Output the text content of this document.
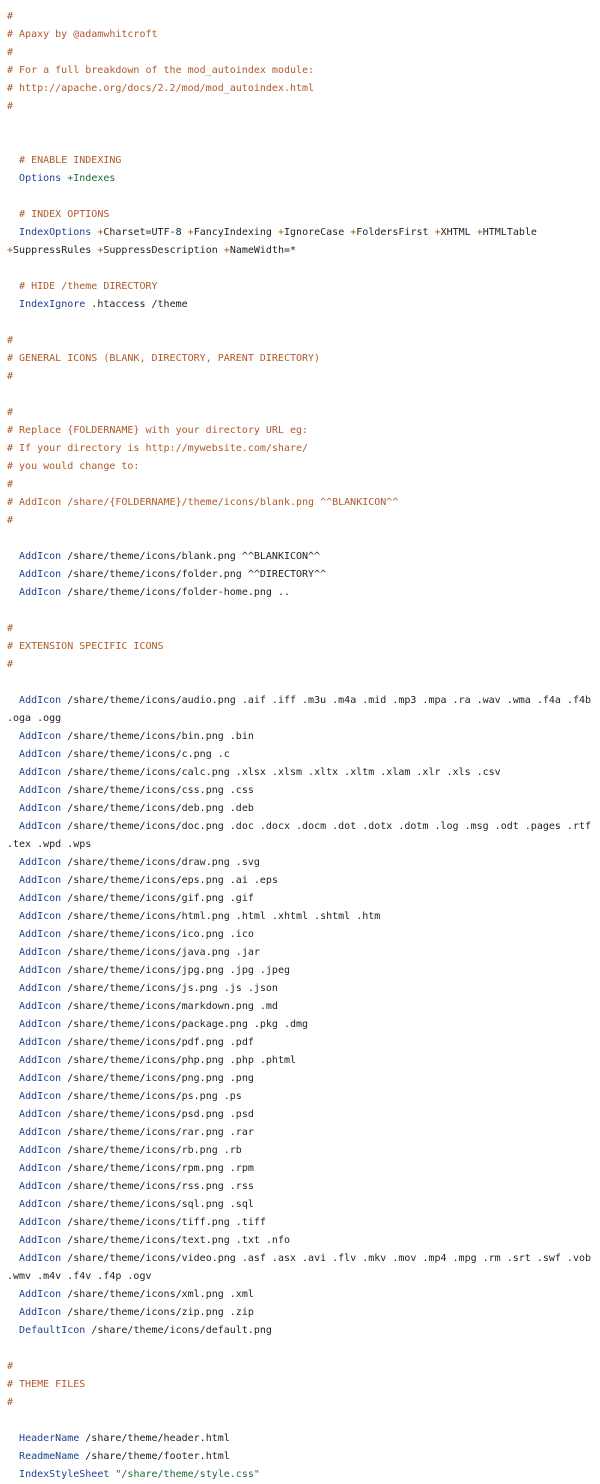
#
# Apaxy by @adamwhitcroft
#
# For a full breakdown of the mod_autoindex module:
# http://apache.org/docs/2.2/mod/mod_autoindex.html
#
# ENABLE INDEXING
Options +Indexes
# INDEX OPTIONS
IndexOptions +Charset=UTF-8 +FancyIndexing +IgnoreCase +FoldersFirst +XHTML +HTMLTable
+SuppressRules +SuppressDescription +NameWidth=*
# HIDE /theme DIRECTORY
IndexIgnore .htaccess /theme
#
# GENERAL ICONS (BLANK, DIRECTORY, PARENT DIRECTORY)
#
#
# Replace {FOLDERNAME} with your directory URL eg:
# If your directory is http://mywebsite.com/share/
# you would change to:
#
# AddIcon /share/{FOLDERNAME}/theme/icons/blank.png ^^BLANKICON^^
#
AddIcon /share/theme/icons/blank.png ^^BLANKICON^^
AddIcon /share/theme/icons/folder.png ^^DIRECTORY^^
AddIcon /share/theme/icons/folder-home.png ..
#
# EXTENSION SPECIFIC ICONS
#
AddIcon /share/theme/icons/audio.png .aif .iff .m3u .m4a .mid .mp3 .mpa .ra .wav .wma .f4a .f4b
.oga .ogg
AddIcon /share/theme/icons/bin.png .bin
AddIcon /share/theme/icons/c.png .c
AddIcon /share/theme/icons/calc.png .xlsx .xlsm .xltx .xltm .xlam .xlr .xls .csv
AddIcon /share/theme/icons/css.png .css
AddIcon /share/theme/icons/deb.png .deb
AddIcon /share/theme/icons/doc.png .doc .docx .docm .dot .dotx .dotm .log .msg .odt .pages .rtf
.tex .wpd .wps
AddIcon /share/theme/icons/draw.png .svg
AddIcon /share/theme/icons/eps.png .ai .eps
AddIcon /share/theme/icons/gif.png .gif
AddIcon /share/theme/icons/html.png .html .xhtml .shtml .htm
AddIcon /share/theme/icons/ico.png .ico
AddIcon /share/theme/icons/java.png .jar
AddIcon /share/theme/icons/jpg.png .jpg .jpeg
AddIcon /share/theme/icons/js.png .js .json
AddIcon /share/theme/icons/markdown.png .md
AddIcon /share/theme/icons/package.png .pkg .dmg
AddIcon /share/theme/icons/pdf.png .pdf
AddIcon /share/theme/icons/php.png .php .phtml
AddIcon /share/theme/icons/png.png .png
AddIcon /share/theme/icons/ps.png .ps
AddIcon /share/theme/icons/psd.png .psd
AddIcon /share/theme/icons/rar.png .rar
AddIcon /share/theme/icons/rb.png .rb
AddIcon /share/theme/icons/rpm.png .rpm
AddIcon /share/theme/icons/rss.png .rss
AddIcon /share/theme/icons/sql.png .sql
AddIcon /share/theme/icons/tiff.png .tiff
AddIcon /share/theme/icons/text.png .txt .nfo
AddIcon /share/theme/icons/video.png .asf .asx .avi .flv .mkv .mov .mp4 .mpg .rm .srt .swf .vob
.wmv .m4v .f4v .f4p .ogv
AddIcon /share/theme/icons/xml.png .xml
AddIcon /share/theme/icons/zip.png .zip
DefaultIcon /share/theme/icons/default.png
#
# THEME FILES
#
HeaderName /share/theme/header.html
ReadmeName /share/theme/footer.html
IndexStyleSheet "/share/theme/style.css"
